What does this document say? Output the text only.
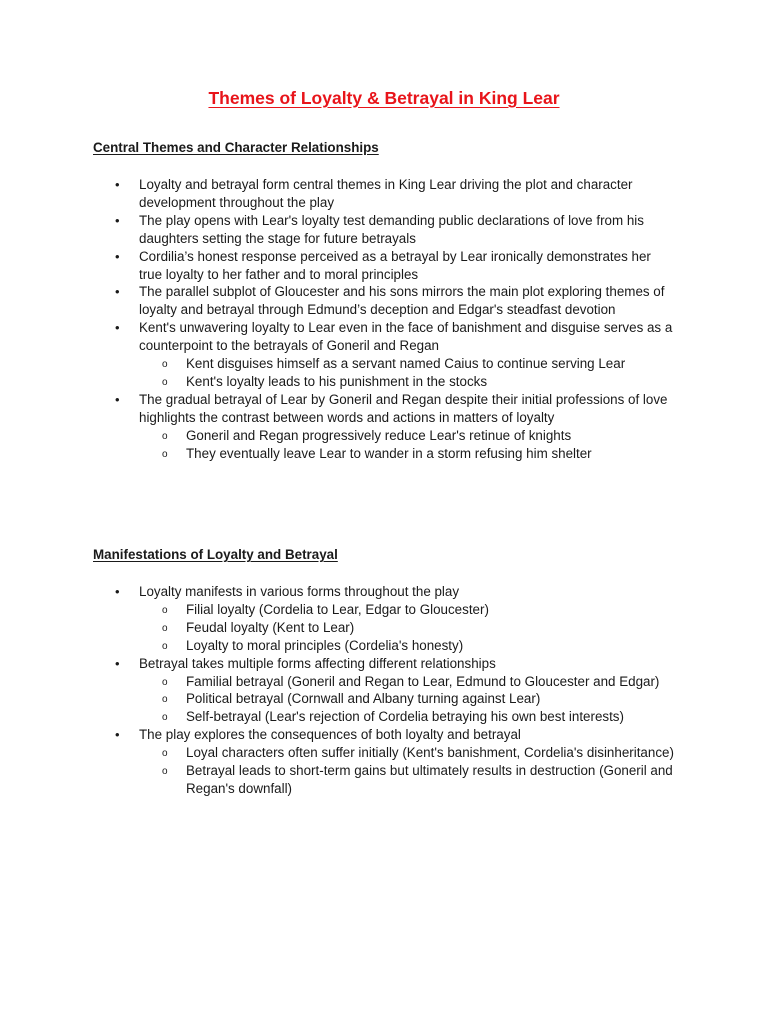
Themes of Loyalty & Betrayal in King Lear
Central Themes and Character Relationships
• Loyalty and betrayal form central themes in King Lear driving the plot and character development throughout the play
• The play opens with Lear's loyalty test demanding public declarations of love from his daughters setting the stage for future betrayals
• Cordilia’s honest response perceived as a betrayal by Lear ironically demonstrates her true loyalty to her father and to moral principles
• The parallel subplot of Gloucester and his sons mirrors the main plot exploring themes of loyalty and betrayal through Edmund’s deception and Edgar's steadfast devotion
• Kent's unwavering loyalty to Lear even in the face of banishment and disguise serves as a counterpoint to the betrayals of Goneril and Regan
o Kent disguises himself as a servant named Caius to continue serving Lear
o Kent's loyalty leads to his punishment in the stocks
• The gradual betrayal of Lear by Goneril and Regan despite their initial professions of love highlights the contrast between words and actions in matters of loyalty
o Goneril and Regan progressively reduce Lear's retinue of knights
o They eventually leave Lear to wander in a storm refusing him shelter
Manifestations of Loyalty and Betrayal
• Loyalty manifests in various forms throughout the play
o Filial loyalty (Cordelia to Lear, Edgar to Gloucester)
o Feudal loyalty (Kent to Lear)
o Loyalty to moral principles (Cordelia's honesty)
• Betrayal takes multiple forms affecting different relationships
o Familial betrayal (Goneril and Regan to Lear, Edmund to Gloucester and Edgar)
o Political betrayal (Cornwall and Albany turning against Lear)
o Self-betrayal (Lear's rejection of Cordelia betraying his own best interests)
• The play explores the consequences of both loyalty and betrayal
o Loyal characters often suffer initially (Kent's banishment, Cordelia's disinheritance)
o Betrayal leads to short-term gains but ultimately results in destruction (Goneril and Regan's downfall)
